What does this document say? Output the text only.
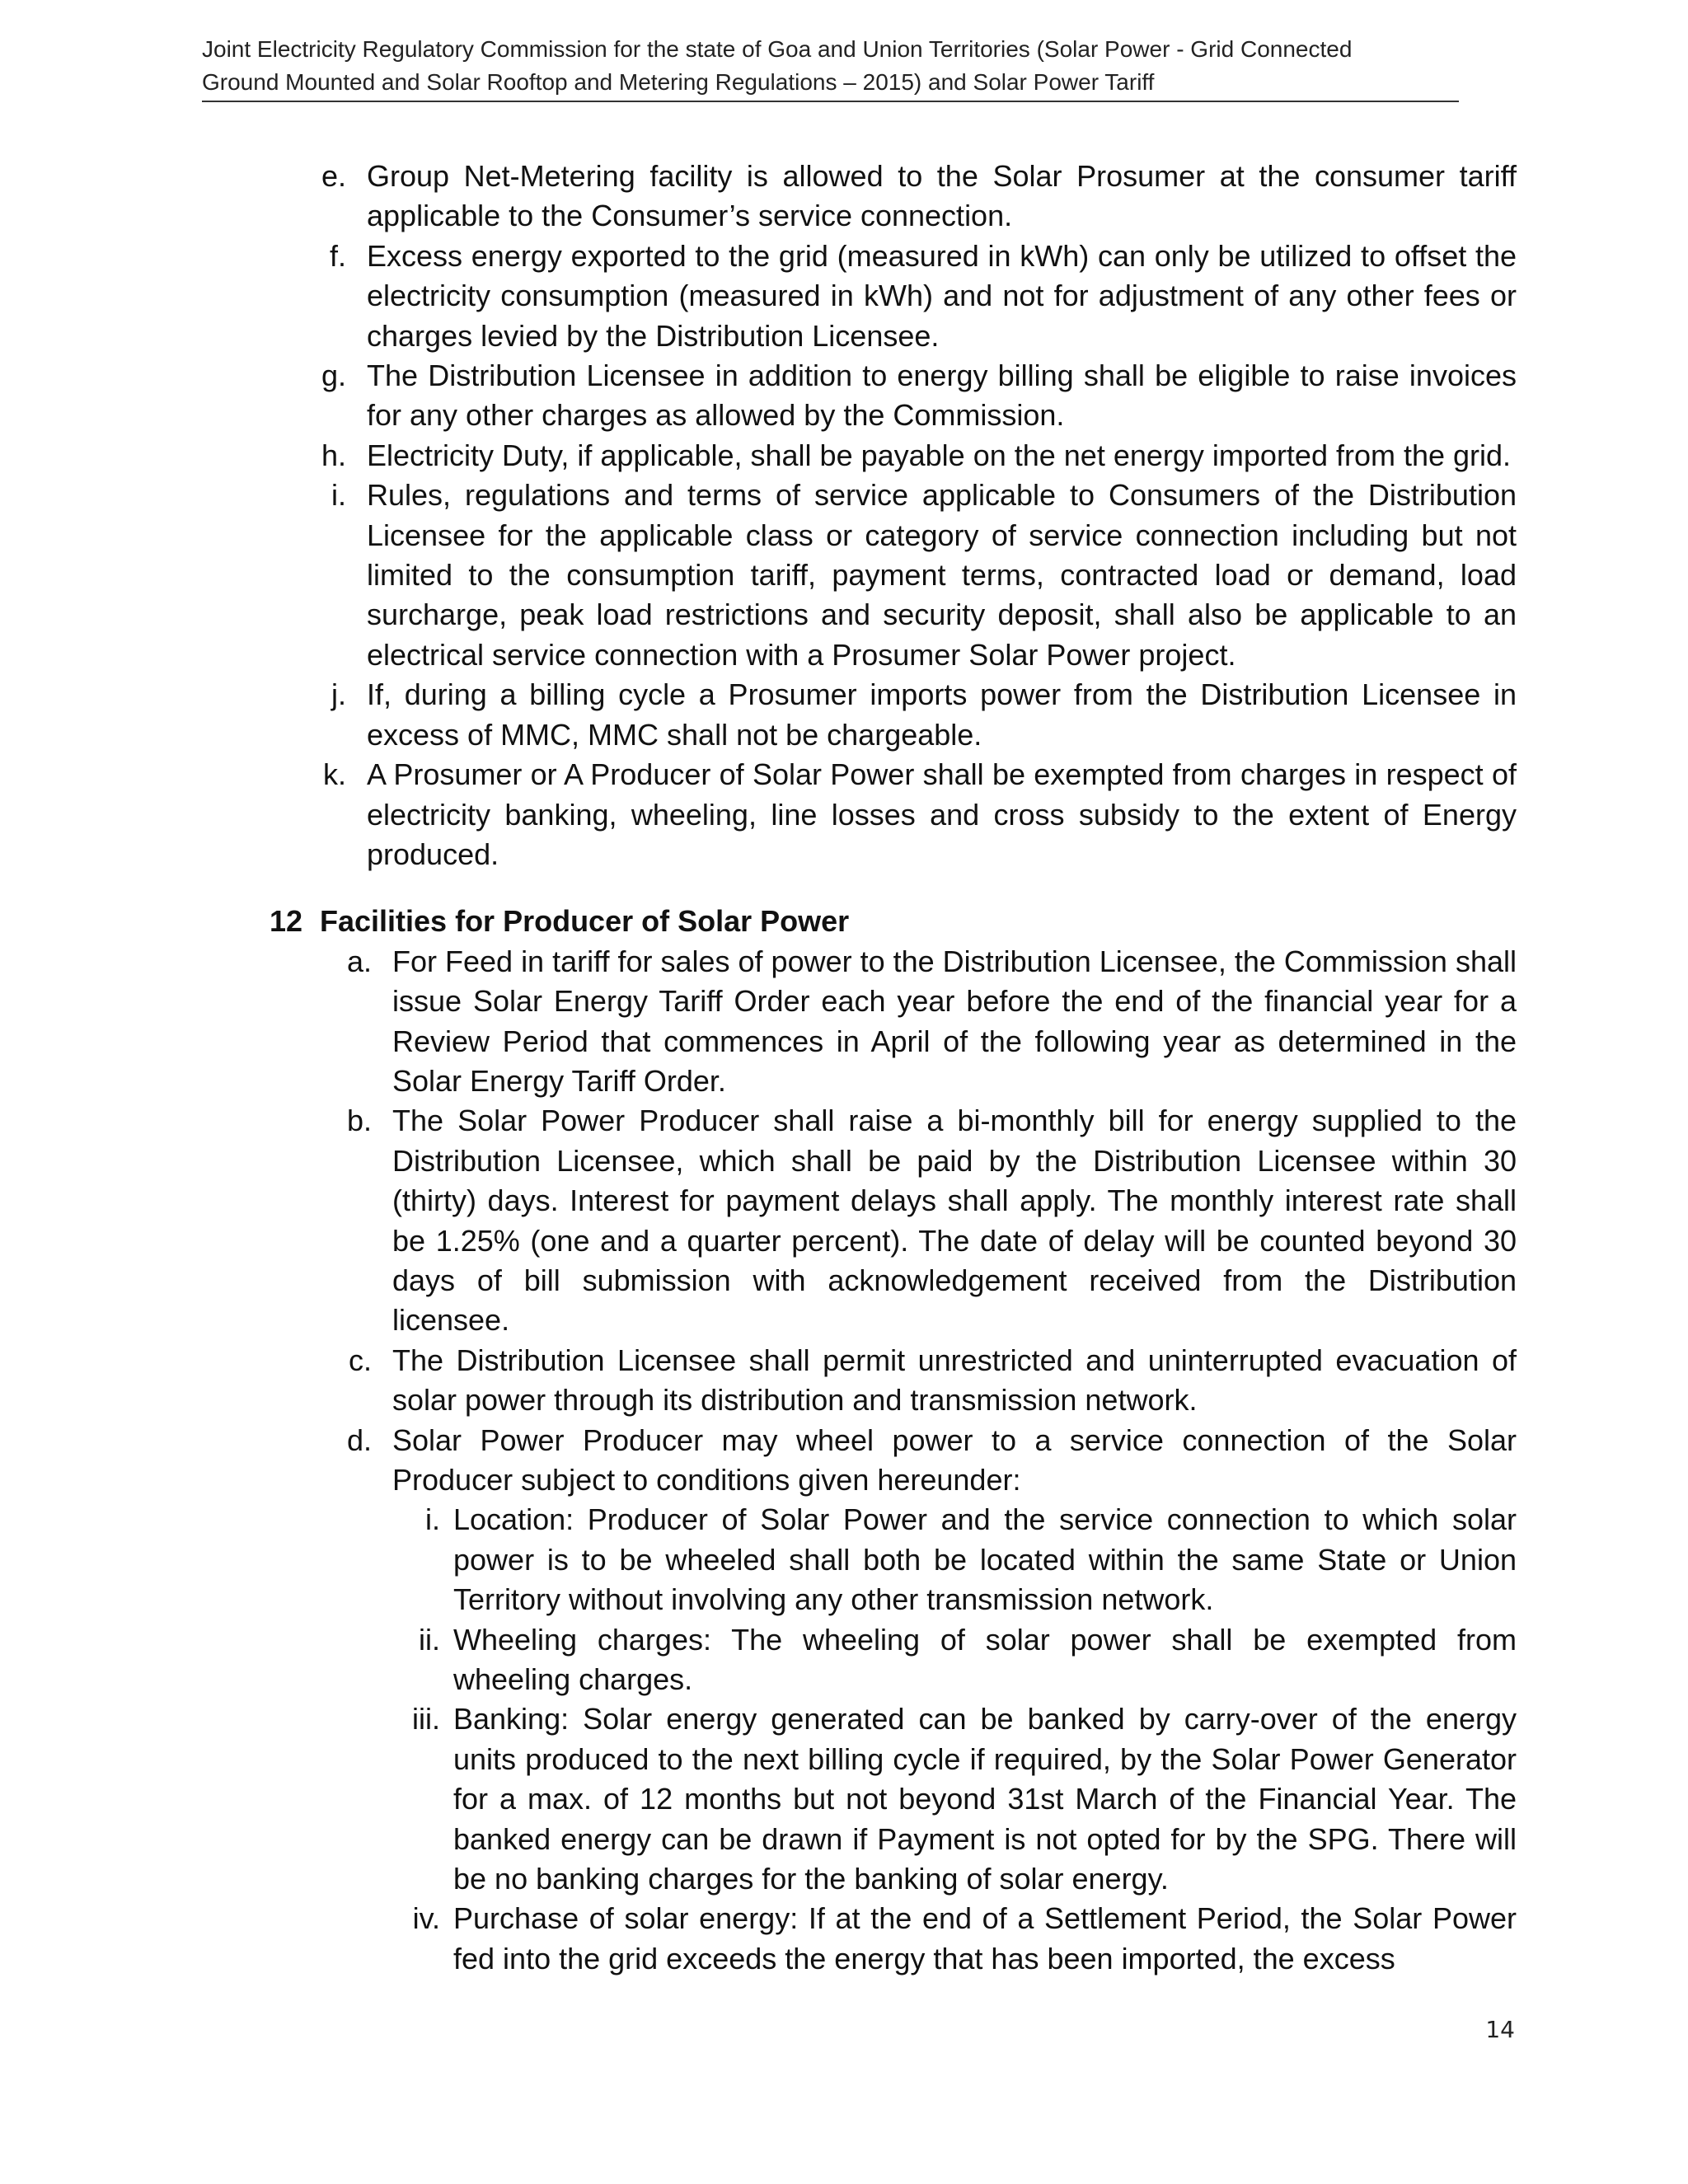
Joint Electricity Regulatory Commission for the state of Goa and Union Territories (Solar Power - Grid Connected
Ground Mounted and Solar Rooftop and Metering Regulations – 2015) and Solar Power Tariff
e. Group Net-Metering facility is allowed to the Solar Prosumer at the consumer tariff applicable to the Consumer’s service connection.
f. Excess energy exported to the grid (measured in kWh) can only be utilized to offset the electricity consumption (measured in kWh) and not for adjustment of any other fees or charges levied by the Distribution Licensee.
g. The Distribution Licensee in addition to energy billing shall be eligible to raise invoices for any other charges as allowed by the Commission.
h. Electricity Duty, if applicable, shall be payable on the net energy imported from the grid.
i. Rules, regulations and terms of service applicable to Consumers of the Distribution Licensee for the applicable class or category of service connection including but not limited to the consumption tariff, payment terms, contracted load or demand, load surcharge, peak load restrictions and security deposit, shall also be applicable to an electrical service connection with a Prosumer Solar Power project.
j. If, during a billing cycle a Prosumer imports power from the Distribution Licensee in excess of MMC, MMC shall not be chargeable.
k. A Prosumer or A Producer of Solar Power shall be exempted from charges in respect of electricity banking, wheeling, line losses and cross subsidy to the extent of Energy produced.
12 Facilities for Producer of Solar Power
a. For Feed in tariff for sales of power to the Distribution Licensee, the Commission shall issue Solar Energy Tariff Order each year before the end of the financial year for a Review Period that commences in April of the following year as determined in the Solar Energy Tariff Order.
b. The Solar Power Producer shall raise a bi-monthly bill for energy supplied to the Distribution Licensee, which shall be paid by the Distribution Licensee within 30 (thirty) days. Interest for payment delays shall apply. The monthly interest rate shall be 1.25% (one and a quarter percent). The date of delay will be counted beyond 30 days of bill submission with acknowledgement received from the Distribution licensee.
c. The Distribution Licensee shall permit unrestricted and uninterrupted evacuation of solar power through its distribution and transmission network.
d. Solar Power Producer may wheel power to a service connection of the Solar Producer subject to conditions given hereunder:
i. Location: Producer of Solar Power and the service connection to which solar power is to be wheeled shall both be located within the same State or Union Territory without involving any other transmission network.
ii. Wheeling charges: The wheeling of solar power shall be exempted from wheeling charges.
iii. Banking: Solar energy generated can be banked by carry-over of the energy units produced to the next billing cycle if required, by the Solar Power Generator for a max. of 12 months but not beyond 31st March of the Financial Year. The banked energy can be drawn if Payment is not opted for by the SPG. There will be no banking charges for the banking of solar energy.
iv. Purchase of solar energy: If at the end of a Settlement Period, the Solar Power fed into the grid exceeds the energy that has been imported, the excess
14
